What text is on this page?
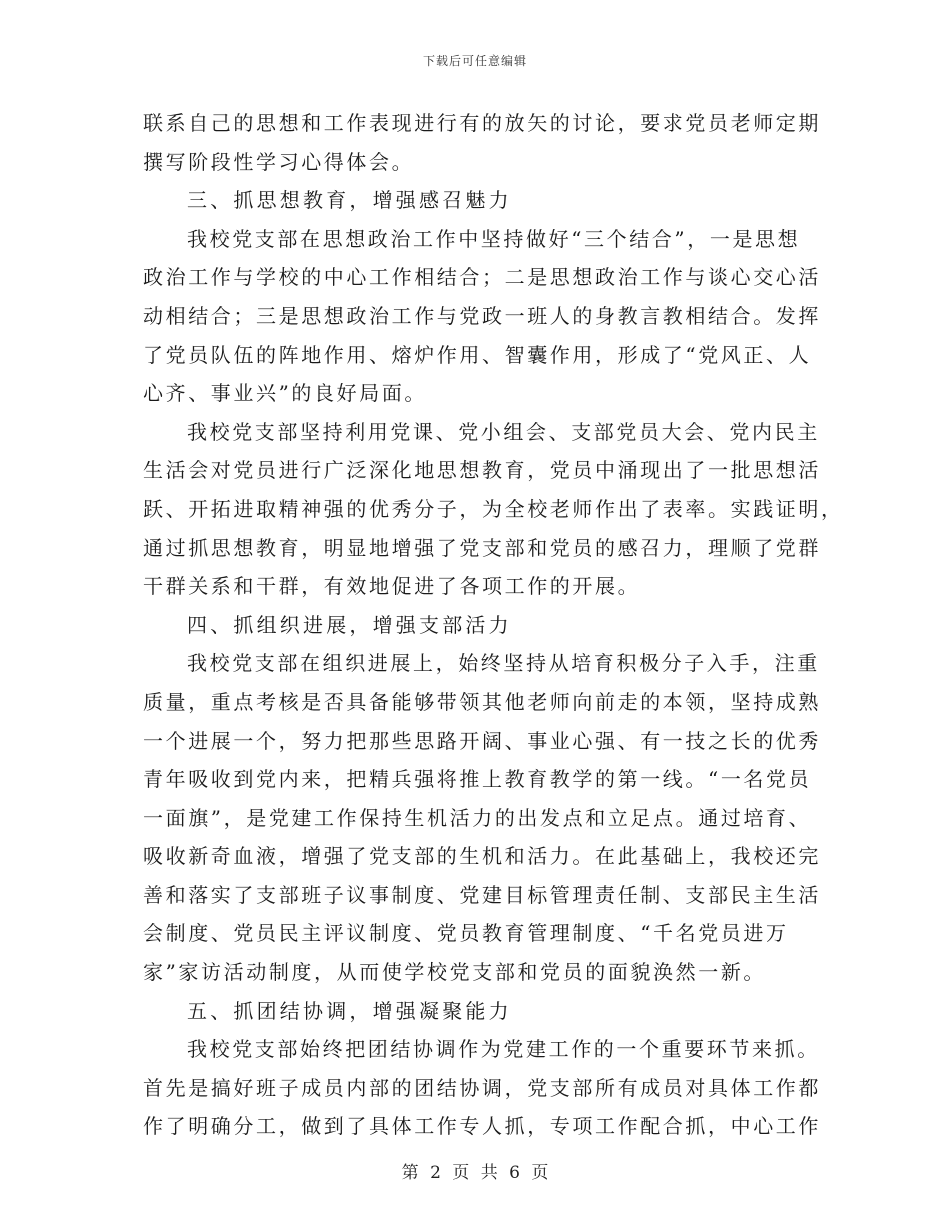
下载后可任意编辑
联系自己的思想和工作表现进行有的放矢的讨论，要求党员老师定期
撰写阶段性学习心得体会。
三、抓思想教育，增强感召魅力
我校党支部在思想政治工作中坚持做好“三个结合”，一是思想
政治工作与学校的中心工作相结合；二是思想政治工作与谈心交心活
动相结合；三是思想政治工作与党政一班人的身教言教相结合。发挥
了党员队伍的阵地作用、熔炉作用、智囊作用，形成了“党风正、人
心齐、事业兴”的良好局面。
我校党支部坚持利用党课、党小组会、支部党员大会、党内民主
生活会对党员进行广泛深化地思想教育，党员中涌现出了一批思想活
跃、开拓进取精神强的优秀分子，为全校老师作出了表率。实践证明，
通过抓思想教育，明显地增强了党支部和党员的感召力，理顺了党群
干群关系和干群，有效地促进了各项工作的开展。
四、抓组织进展，增强支部活力
我校党支部在组织进展上，始终坚持从培育积极分子入手，注重
质量，重点考核是否具备能够带领其他老师向前走的本领，坚持成熟
一个进展一个，努力把那些思路开阔、事业心强、有一技之长的优秀
青年吸收到党内来，把精兵强将推上教育教学的第一线。“一名党员
一面旗”，是党建工作保持生机活力的出发点和立足点。通过培育、
吸收新奇血液，增强了党支部的生机和活力。在此基础上，我校还完
善和落实了支部班子议事制度、党建目标管理责任制、支部民主生活
会制度、党员民主评议制度、党员教育管理制度、“千名党员进万
家”家访活动制度，从而使学校党支部和党员的面貌涣然一新。
五、抓团结协调，增强凝聚能力
我校党支部始终把团结协调作为党建工作的一个重要环节来抓。
首先是搞好班子成员内部的团结协调，党支部所有成员对具体工作都
作了明确分工，做到了具体工作专人抓，专项工作配合抓，中心工作
第 2 页 共 6 页
